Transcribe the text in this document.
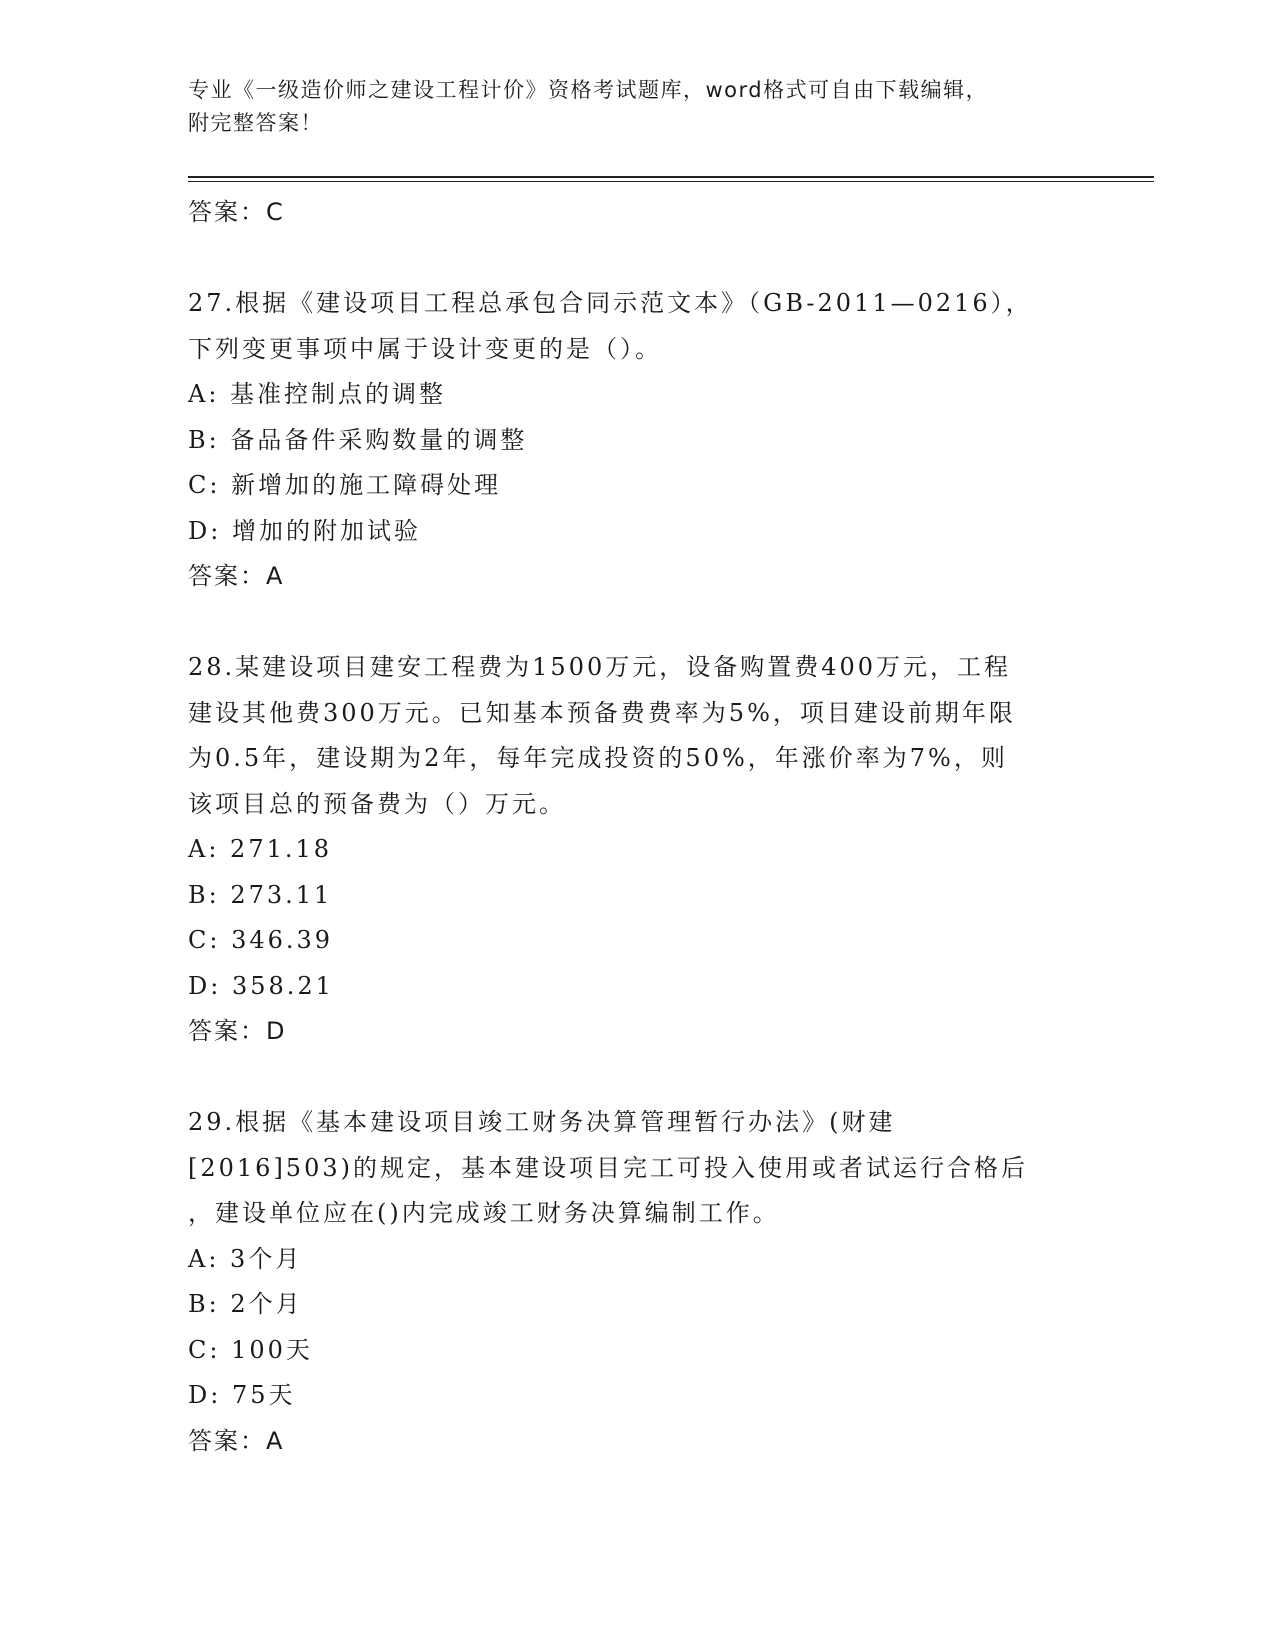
专业《一级造价师之建设工程计价》资格考试题库，word格式可自由下载编辑，
附完整答案！
答案：C
27.根据《建设项目工程总承包合同示范文本》（GB-2011—0216），
下列变更事项中属于设计变更的是（）。
A: 基准控制点的调整
B: 备品备件采购数量的调整
C: 新增加的施工障碍处理
D: 增加的附加试验
答案：A
28.某建设项目建安工程费为1500万元，设备购置费400万元，工程
建设其他费300万元。已知基本预备费费率为5%，项目建设前期年限
为0.5年，建设期为2年，每年完成投资的50%，年涨价率为7%，则
该项目总的预备费为（）万元。
A: 271.18
B: 273.11
C: 346.39
D: 358.21
答案：D
29.根据《基本建设项目竣工财务决算管理暂行办法》(财建
[2016]503)的规定，基本建设项目完工可投入使用或者试运行合格后
，建设单位应在()内完成竣工财务决算编制工作。
A: 3个月
B: 2个月
C: 100天
D: 75天
答案：A
